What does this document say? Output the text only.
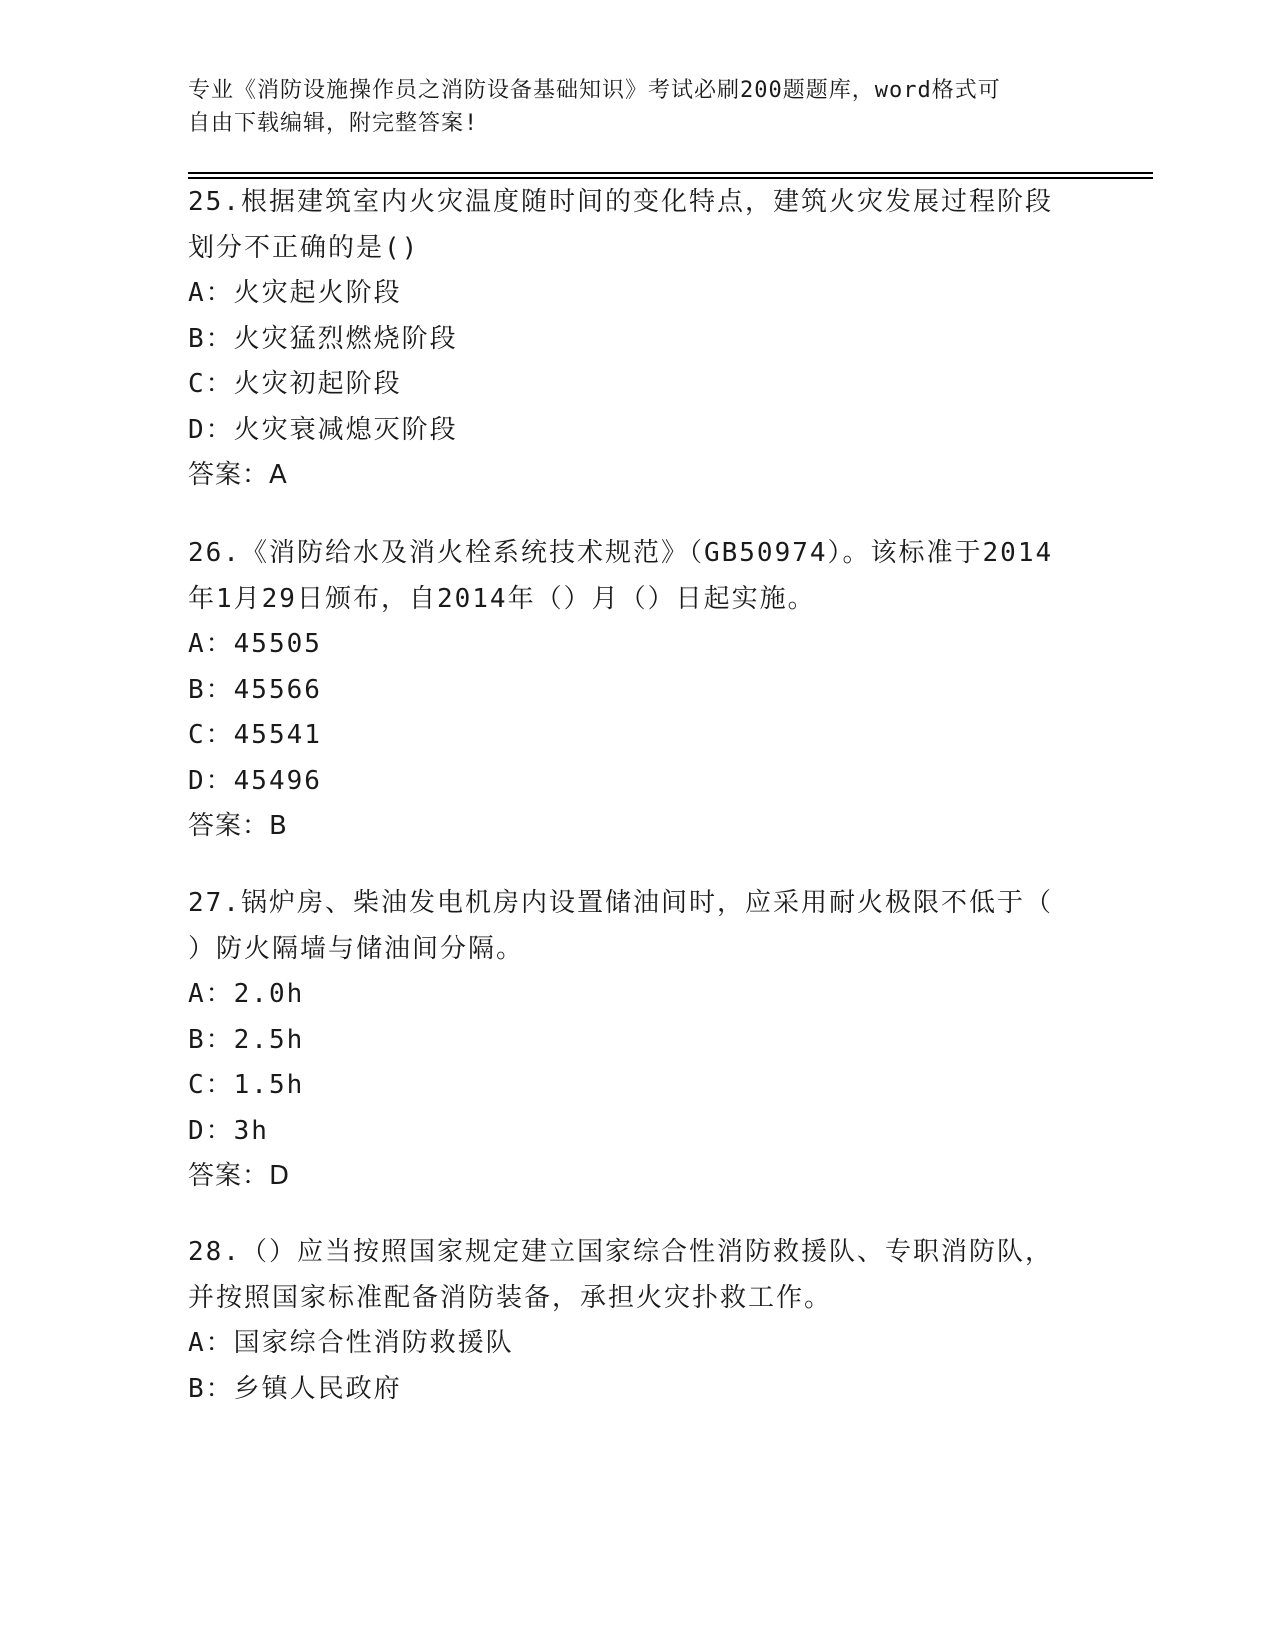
专业《消防设施操作员之消防设备基础知识》考试必刷200题题库，word格式可
自由下载编辑，附完整答案!
25.根据建筑室内火灾温度随时间的变化特点，建筑火灾发展过程阶段
划分不正确的是()
A：火灾起火阶段
B：火灾猛烈燃烧阶段
C：火灾初起阶段
D：火灾衰减熄灭阶段
答案：A
26.《消防给水及消火栓系统技术规范》（GB50974）。该标准于2014
年1月29日颁布，自2014年（）月（）日起实施。
A：45505
B：45566
C：45541
D：45496
答案：B
27.锅炉房、柴油发电机房内设置储油间时，应采用耐火极限不低于（
）防火隔墙与储油间分隔。
A：2.0h
B：2.5h
C：1.5h
D：3h
答案：D
28.（）应当按照国家规定建立国家综合性消防救援队、专职消防队，
并按照国家标准配备消防装备，承担火灾扑救工作。
A：国家综合性消防救援队
B：乡镇人民政府
